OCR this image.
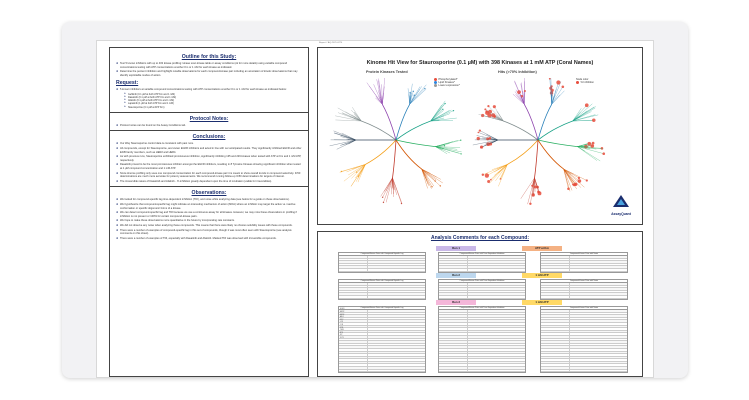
Outline for this Study:
❖ Test 5 known inhibitors with up to 403 kinase profiling: kinase scan kinase table or assay conditions (ok for more details) using variable compound concentrations testing with ATP concentrations at either Km or 1 mM for each kinase as indicated.
❖ Determine the percent inhibition and highlight notable observations for each compound-kinase pair including an annotation of kinetic observations that may identify exploitable modes of action.
Request:
❖ 5 known inhibitors at variable compound concentrations testing with ATP concentrations at either Km or 1 mM for each kinase as indicated below:
❖ Gefitinib (0.1 µM at both ATP Km and 1 mM)
❖ Dasatinib (0.1 µM at both ATP Km and 1 mM)
❖ Afatinib (0.1 µM at both ATP Km and 1 mM)
❖ Lapatinib (1 µM at both ATP Km and 1 mM)
❖ Staurosporine (0.1 µM at ATP Km)
Protocol Notes:
❖ Protocol notes can be found on the Assay Conditions tab.
Conclusions:
❖ Our Way Staurosporine control data is consistent with past runs.
❖ All compounds, except for Staurosporine, are known EGFR inhibitors and acted in line with our anticipated results. They significantly inhibited EGFR and other ErbB family members, such as HER2 and HER4.
❖ As with previous runs, Staurosporine exhibited promiscuous inhibition, significantly inhibiting 135 and 229 kinases when tested with ATP at Km and 1 mM ATP, respectively.
❖ Dasatinib proved to be the most promiscuous inhibitor amongst the EGFR inhibitors, resulting in 8 Tyrosine Kinases showing significant inhibition when tested at 1 µM compound concentration and 1 mM ATP.
❖ Since kinome profiling only uses one compound concentration for each compound-kinase pair it is meant to show overall trends in compound selectivity. IC50 determinations are much more accurate for potency assessments. We recommend running follow-up IC50 determinations for targets of interest.
❖ The irreversible nature of Dasatinib and Afatinib - % inhibition greatly dependent upon the time of incubation (valide for irreversibles).
Observations:
❖ We looked for compound-specific lag time-dependent inhibition (TDI), and noise while analyzing data (see below for a guide on these observations).
❖ We hypothesize that compound-specific lag might indicate an interesting mechanism of action (MOA) where an inhibitor may target the active vs. inactive conformation or specific oligomeric forms of a kinase.
❖ We can detect compound-specific lag and TDI because we use a continuous assay for all kinases. However, we may miss these observations in profiling if inhibition is not present or 100% for certain compound-kinase pairs.
❖ We hope to make these observations more quantitative in the future by incorporating rate constants.
❖ We did not observe any noise when analyzing these compounds. This means that there were likely no obvious solubility issues with these compounds.
❖ There were a number of examples of compound-specific lag in this set of compounds, though it was most often seen with Staurosporine (see analysis comments on this sheet).
❖ There were a number of examples of TDI, especially with Dasatinib and Afatinib. Marked TDI was observed with irreversible compounds.
Report # AQ-2021-0274
Kinome Hit View for Staurosporine (0.1 µM) with 398 Kinases at 1 mM ATP (Coral Names)
Protein Kinases Tested	Hits (>70% Inhibition)
Phosphorylated*
Lipid Kinases*
Lower expression*
Node color
% Inhibition
AssayQuant
Analysis Comments for each Compound:
Run 1	ATP at Km
Run 2	1 mM ATP
Run 3	1 mM ATP
Compound-Kinase Pairs with Compound-Specific Lag	Compound-Kinase Pairs with Time-Dependent Inhibition	Compound-Kinase Pairs with Noise
Compound-Kinase Pairs with Compound-Specific Lag	Compound-Kinase Pairs with Time-Dependent Inhibition	Compound-Kinase Pairs with Noise
Compound-Kinase Pairs with Compound-Specific Lag
EGFR
HER2
HER4
ABL1
SRC
LCK
LYN
FYN
YES1
BTK
KIT
FLT3
Compound-Kinase Pairs with Time-Dependent Inhibition	Compound-Kinase Pairs with Noise
